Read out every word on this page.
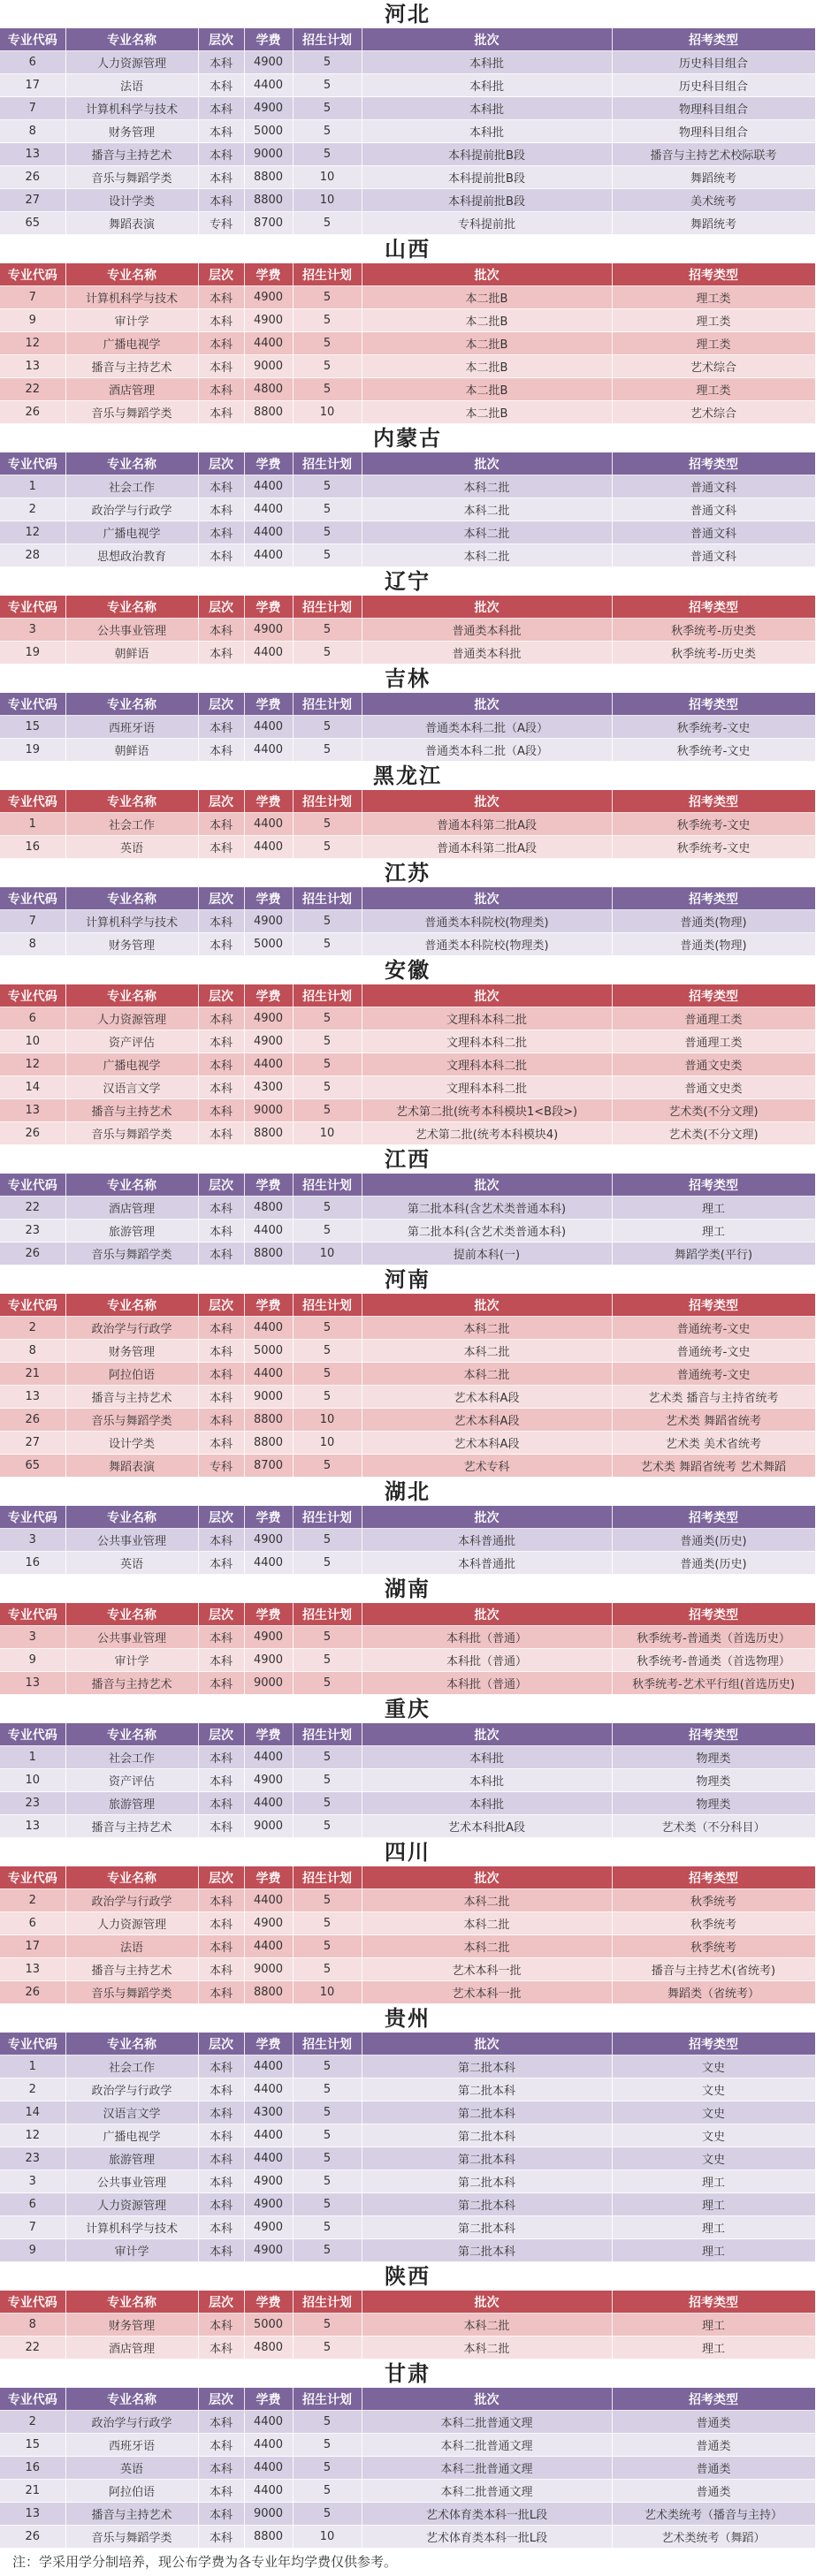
河北
专业代码	专业名称	层次	学费	招生计划	批次	招考类型
6	人力资源管理	本科	4900	5	本科批	历史科目组合
17	法语	本科	4400	5	本科批	历史科目组合
7	计算机科学与技术	本科	4900	5	本科批	物理科目组合
8	财务管理	本科	5000	5	本科批	物理科目组合
13	播音与主持艺术	本科	9000	5	本科提前批B段	播音与主持艺术校际联考
26	音乐与舞蹈学类	本科	8800	10	本科提前批B段	舞蹈统考
27	设计学类	本科	8800	10	本科提前批B段	美术统考
65	舞蹈表演	专科	8700	5	专科提前批	舞蹈统考
山西
专业代码	专业名称	层次	学费	招生计划	批次	招考类型
7	计算机科学与技术	本科	4900	5	本二批B	理工类
9	审计学	本科	4900	5	本二批B	理工类
12	广播电视学	本科	4400	5	本二批B	理工类
13	播音与主持艺术	本科	9000	5	本二批B	艺术综合
22	酒店管理	本科	4800	5	本二批B	理工类
26	音乐与舞蹈学类	本科	8800	10	本二批B	艺术综合
内蒙古
专业代码	专业名称	层次	学费	招生计划	批次	招考类型
1	社会工作	本科	4400	5	本科二批	普通文科
2	政治学与行政学	本科	4400	5	本科二批	普通文科
12	广播电视学	本科	4400	5	本科二批	普通文科
28	思想政治教育	本科	4400	5	本科二批	普通文科
辽宁
专业代码	专业名称	层次	学费	招生计划	批次	招考类型
3	公共事业管理	本科	4900	5	普通类本科批	秋季统考-历史类
19	朝鲜语	本科	4400	5	普通类本科批	秋季统考-历史类
吉林
专业代码	专业名称	层次	学费	招生计划	批次	招考类型
15	西班牙语	本科	4400	5	普通类本科二批（A段）	秋季统考-文史
19	朝鲜语	本科	4400	5	普通类本科二批（A段）	秋季统考-文史
黑龙江
专业代码	专业名称	层次	学费	招生计划	批次	招考类型
1	社会工作	本科	4400	5	普通本科第二批A段	秋季统考-文史
16	英语	本科	4400	5	普通本科第二批A段	秋季统考-文史
江苏
专业代码	专业名称	层次	学费	招生计划	批次	招考类型
7	计算机科学与技术	本科	4900	5	普通类本科院校(物理类)	普通类(物理)
8	财务管理	本科	5000	5	普通类本科院校(物理类)	普通类(物理)
安徽
专业代码	专业名称	层次	学费	招生计划	批次	招考类型
6	人力资源管理	本科	4900	5	文理科本科二批	普通理工类
10	资产评估	本科	4900	5	文理科本科二批	普通理工类
12	广播电视学	本科	4400	5	文理科本科二批	普通文史类
14	汉语言文学	本科	4300	5	文理科本科二批	普通文史类
13	播音与主持艺术	本科	9000	5	艺术第二批(统考本科模块1<B段>)	艺术类(不分文理)
26	音乐与舞蹈学类	本科	8800	10	艺术第二批(统考本科模块4)	艺术类(不分文理)
江西
专业代码	专业名称	层次	学费	招生计划	批次	招考类型
22	酒店管理	本科	4800	5	第二批本科(含艺术类普通本科)	理工
23	旅游管理	本科	4400	5	第二批本科(含艺术类普通本科)	理工
26	音乐与舞蹈学类	本科	8800	10	提前本科(一)	舞蹈学类(平行)
河南
专业代码	专业名称	层次	学费	招生计划	批次	招考类型
2	政治学与行政学	本科	4400	5	本科二批	普通统考-文史
8	财务管理	本科	5000	5	本科二批	普通统考-文史
21	阿拉伯语	本科	4400	5	本科二批	普通统考-文史
13	播音与主持艺术	本科	9000	5	艺术本科A段	艺术类 播音与主持省统考
26	音乐与舞蹈学类	本科	8800	10	艺术本科A段	艺术类 舞蹈省统考
27	设计学类	本科	8800	10	艺术本科A段	艺术类 美术省统考
65	舞蹈表演	专科	8700	5	艺术专科	艺术类 舞蹈省统考 艺术舞蹈
湖北
专业代码	专业名称	层次	学费	招生计划	批次	招考类型
3	公共事业管理	本科	4900	5	本科普通批	普通类(历史)
16	英语	本科	4400	5	本科普通批	普通类(历史)
湖南
专业代码	专业名称	层次	学费	招生计划	批次	招考类型
3	公共事业管理	本科	4900	5	本科批（普通）	秋季统考-普通类（首选历史）
9	审计学	本科	4900	5	本科批（普通）	秋季统考-普通类（首选物理）
13	播音与主持艺术	本科	9000	5	本科批（普通）	秋季统考-艺术平行组(首选历史)
重庆
专业代码	专业名称	层次	学费	招生计划	批次	招考类型
1	社会工作	本科	4400	5	本科批	物理类
10	资产评估	本科	4900	5	本科批	物理类
23	旅游管理	本科	4400	5	本科批	物理类
13	播音与主持艺术	本科	9000	5	艺术本科批A段	艺术类（不分科目）
四川
专业代码	专业名称	层次	学费	招生计划	批次	招考类型
2	政治学与行政学	本科	4400	5	本科二批	秋季统考
6	人力资源管理	本科	4900	5	本科二批	秋季统考
17	法语	本科	4400	5	本科二批	秋季统考
13	播音与主持艺术	本科	9000	5	艺术本科一批	播音与主持艺术(省统考)
26	音乐与舞蹈学类	本科	8800	10	艺术本科一批	舞蹈类（省统考）
贵州
专业代码	专业名称	层次	学费	招生计划	批次	招考类型
1	社会工作	本科	4400	5	第二批本科	文史
2	政治学与行政学	本科	4400	5	第二批本科	文史
14	汉语言文学	本科	4300	5	第二批本科	文史
12	广播电视学	本科	4400	5	第二批本科	文史
23	旅游管理	本科	4400	5	第二批本科	文史
3	公共事业管理	本科	4900	5	第二批本科	理工
6	人力资源管理	本科	4900	5	第二批本科	理工
7	计算机科学与技术	本科	4900	5	第二批本科	理工
9	审计学	本科	4900	5	第二批本科	理工
陕西
专业代码	专业名称	层次	学费	招生计划	批次	招考类型
8	财务管理	本科	5000	5	本科二批	理工
22	酒店管理	本科	4800	5	本科二批	理工
甘肃
专业代码	专业名称	层次	学费	招生计划	批次	招考类型
2	政治学与行政学	本科	4400	5	本科二批普通文理	普通类
15	西班牙语	本科	4400	5	本科二批普通文理	普通类
16	英语	本科	4400	5	本科二批普通文理	普通类
21	阿拉伯语	本科	4400	5	本科二批普通文理	普通类
13	播音与主持艺术	本科	9000	5	艺术体育类本科一批L段	艺术类统考（播音与主持）
26	音乐与舞蹈学类	本科	8800	10	艺术体育类本科一批L段	艺术类统考（舞蹈）
注：学采用学分制培养，现公布学费为各专业年均学费仅供参考。
